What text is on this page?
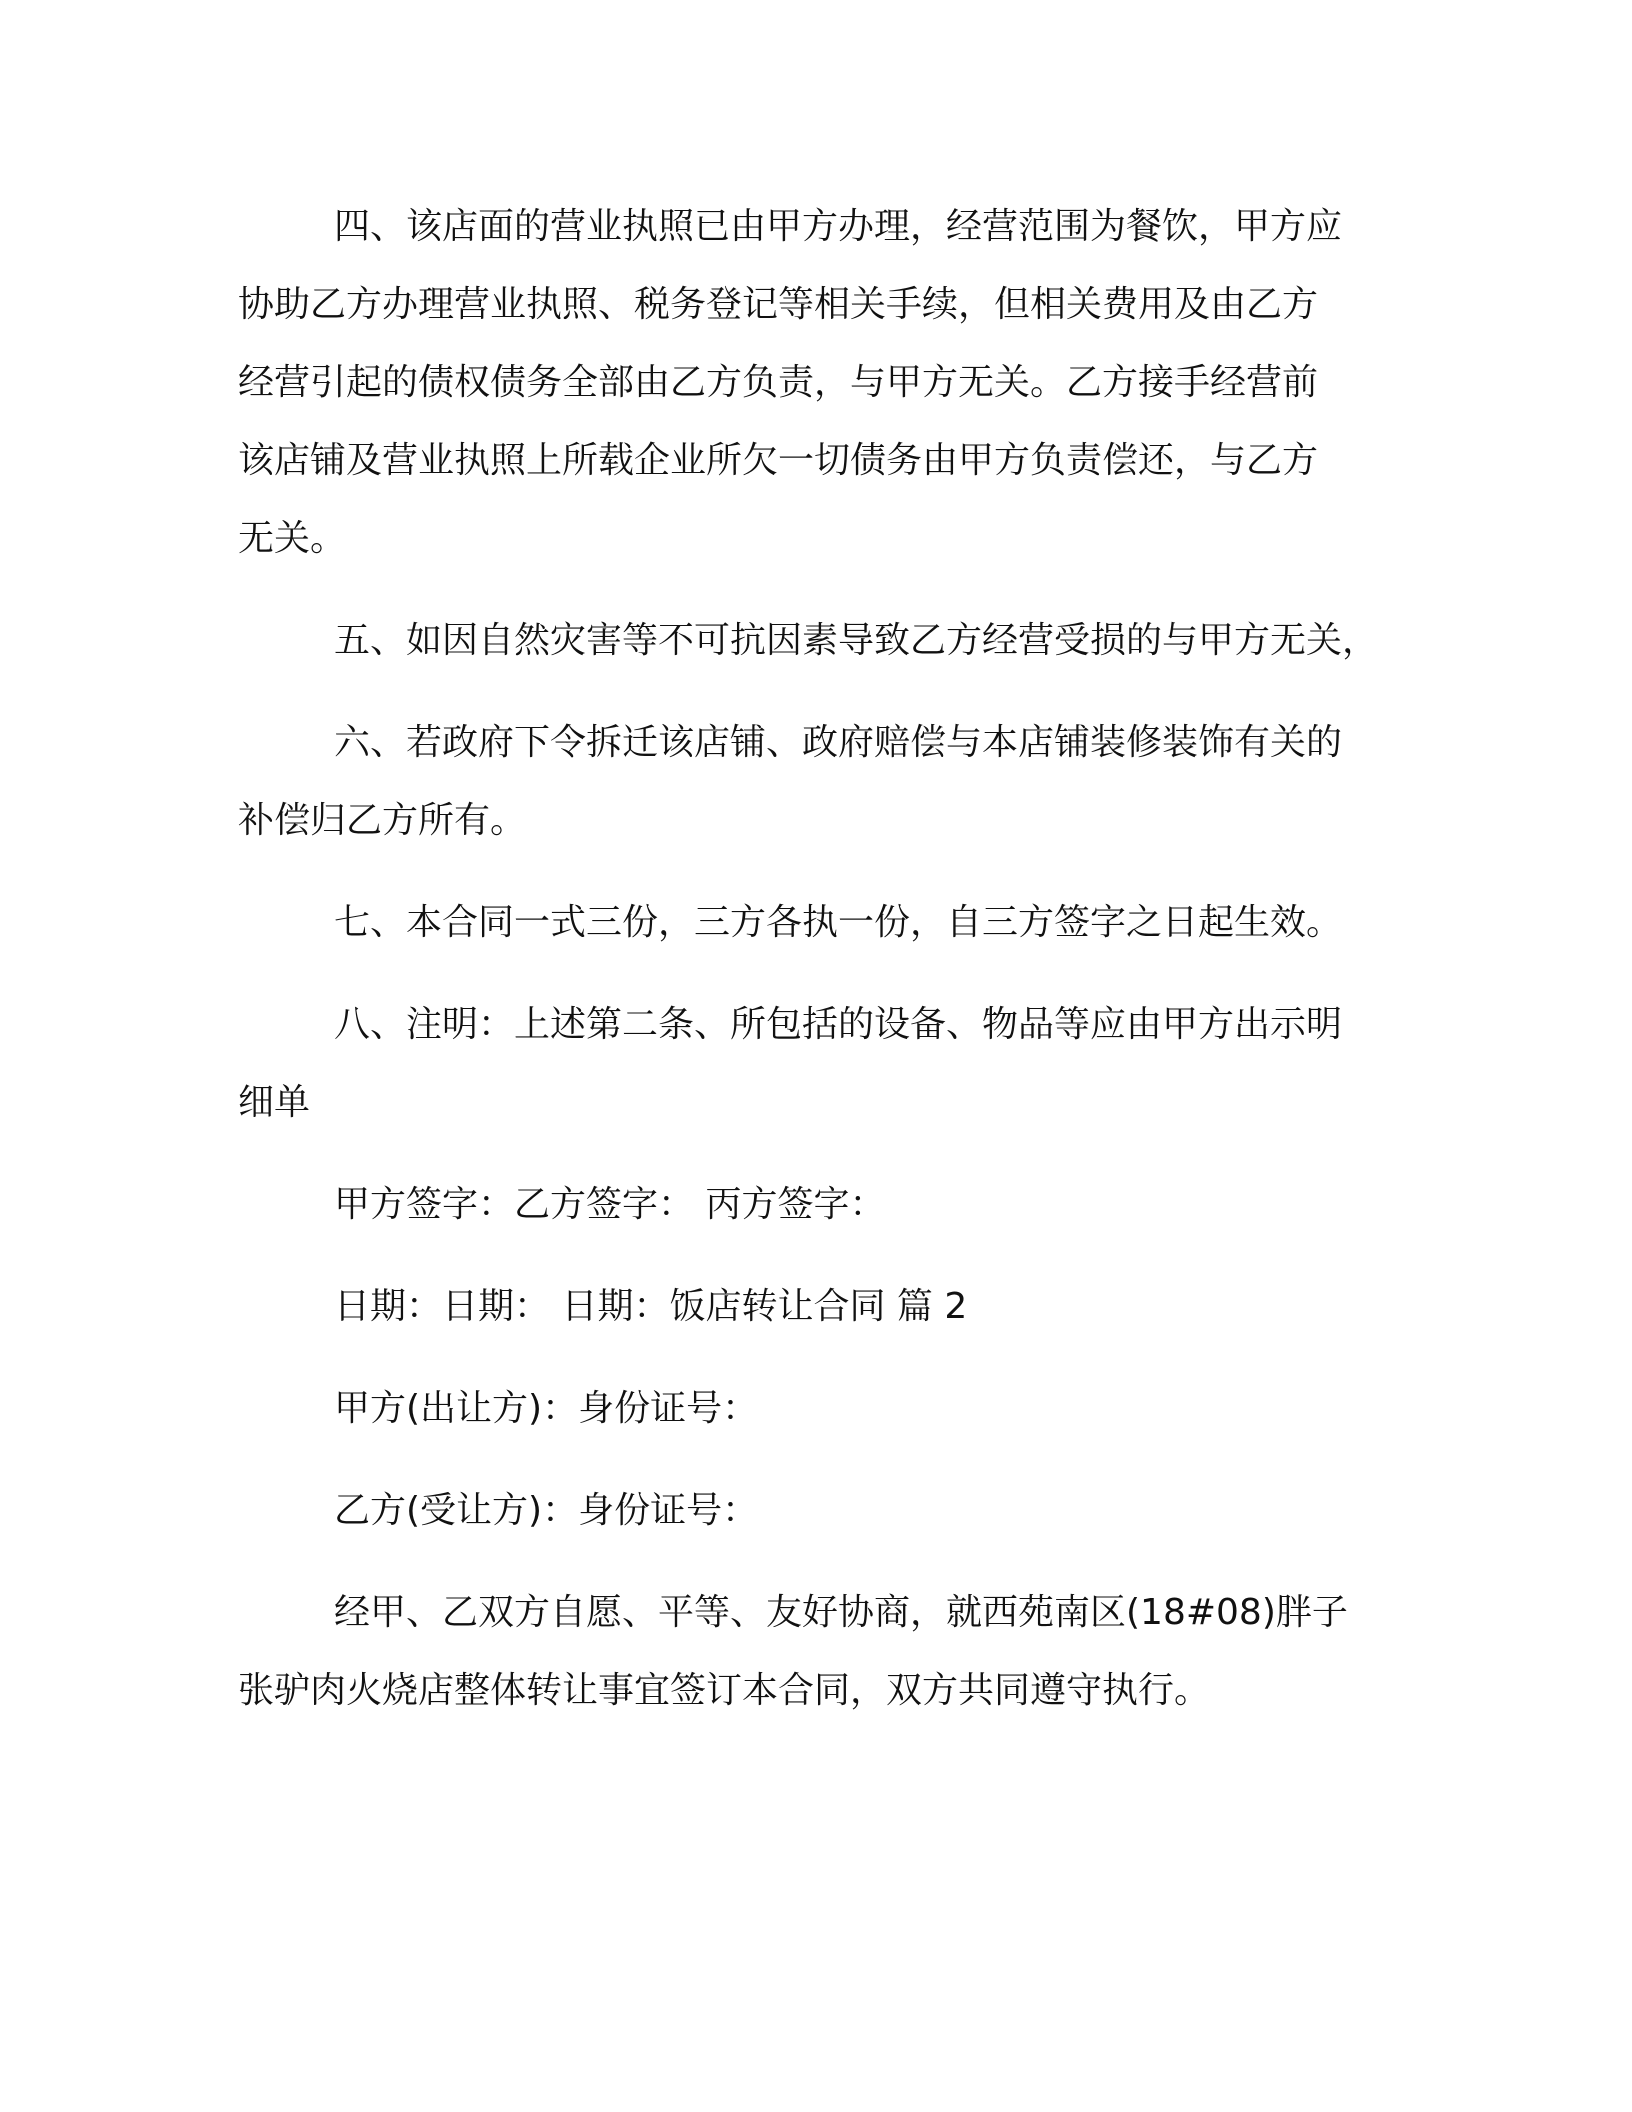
四、该店面的营业执照已由甲方办理，经营范围为餐饮，甲方应
协助乙方办理营业执照、税务登记等相关手续，但相关费用及由乙方
经营引起的债权债务全部由乙方负责，与甲方无关。乙方接手经营前
该店铺及营业执照上所载企业所欠一切债务由甲方负责偿还，与乙方
无关。
五、如因自然灾害等不可抗因素导致乙方经营受损的与甲方无关，
六、若政府下令拆迁该店铺、政府赔偿与本店铺装修装饰有关的
补偿归乙方所有。
七、本合同一式三份，三方各执一份，自三方签字之日起生效。
八、注明：上述第二条、所包括的设备、物品等应由甲方出示明
细单
甲方签字：乙方签字： 丙方签字：
日期：日期： 日期：饭店转让合同 篇 2
甲方(出让方)：身份证号：
乙方(受让方)：身份证号：
经甲、乙双方自愿、平等、友好协商，就西苑南区(18#08)胖子
张驴肉火烧店整体转让事宜签订本合同，双方共同遵守执行。
